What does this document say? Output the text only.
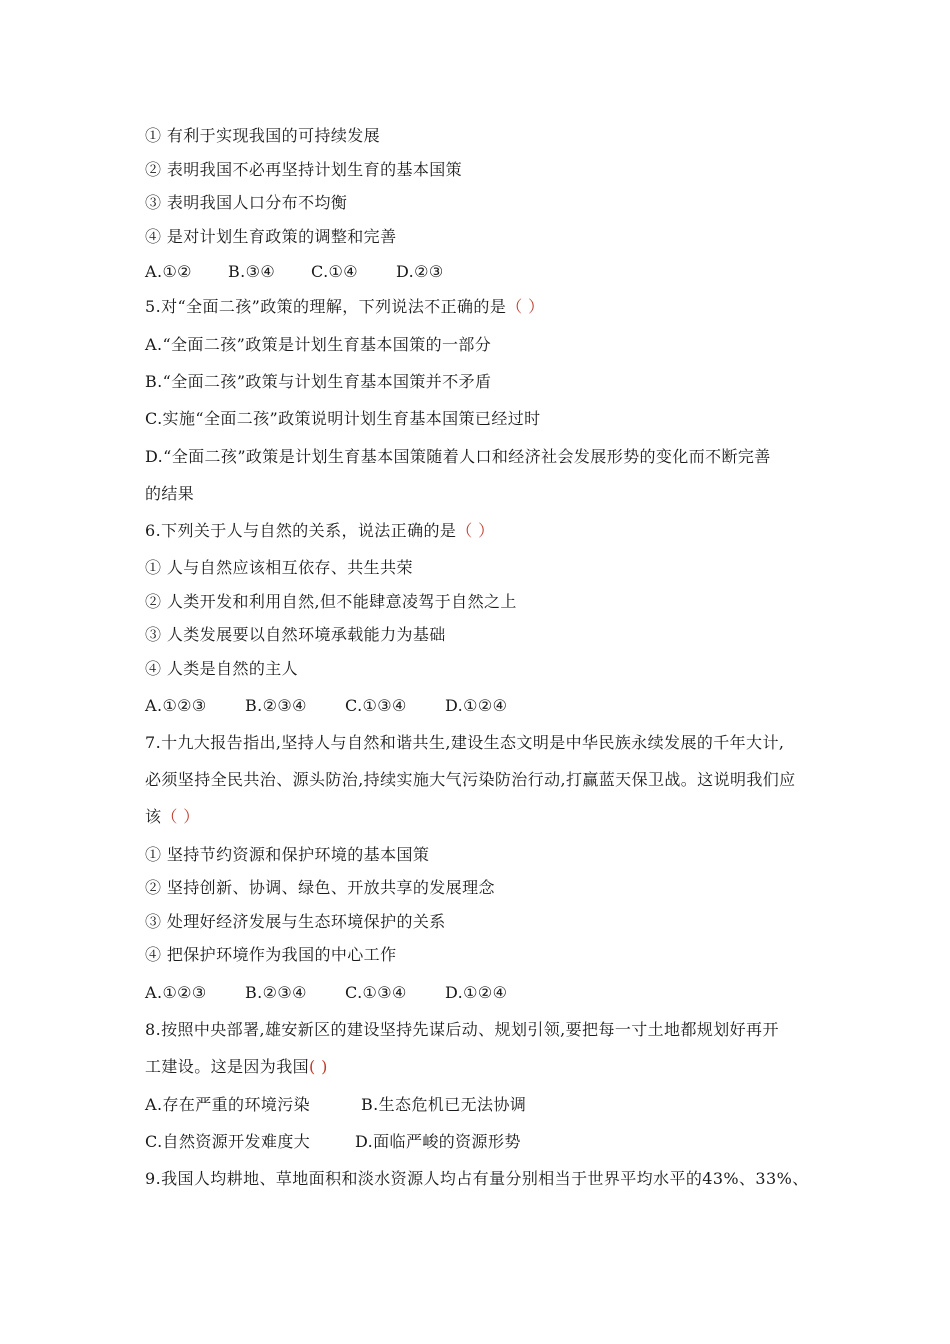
① 有利于实现我国的可持续发展
② 表明我国不必再坚持计划生育的基本国策
③ 表明我国人口分布不均衡
④ 是对计划生育政策的调整和完善
A.①② B.③④ C.①④ D.②③
5.对“全面二孩”政策的理解，下列说法不正确的是（ ）
A.“全面二孩”政策是计划生育基本国策的一部分
B.“全面二孩”政策与计划生育基本国策并不矛盾
C.实施“全面二孩”政策说明计划生育基本国策已经过时
D.“全面二孩”政策是计划生育基本国策随着人口和经济社会发展形势的变化而不断完善
的结果
6.下列关于人与自然的关系，说法正确的是（ ）
① 人与自然应该相互依存、共生共荣
② 人类开发和利用自然,但不能肆意凌驾于自然之上
③ 人类发展要以自然环境承载能力为基础
④ 人类是自然的主人
A.①②③ B.②③④ C.①③④ D.①②④
7.十九大报告指出,坚持人与自然和谐共生,建设生态文明是中华民族永续发展的千年大计,
必须坚持全民共治、源头防治,持续实施大气污染防治行动,打赢蓝天保卫战。这说明我们应
该（ ）
① 坚持节约资源和保护环境的基本国策
② 坚持创新、协调、绿色、开放共享的发展理念
③ 处理好经济发展与生态环境保护的关系
④ 把保护环境作为我国的中心工作
A.①②③ B.②③④ C.①③④ D.①②④
8.按照中央部署,雄安新区的建设坚持先谋后动、规划引领,要把每一寸土地都规划好再开
工建设。这是因为我国( )
A.存在严重的环境污染	B.生态危机已无法协调
C.自然资源开发难度大	D.面临严峻的资源形势
9.我国人均耕地、草地面积和淡水资源人均占有量分别相当于世界平均水平的43%、33%、
